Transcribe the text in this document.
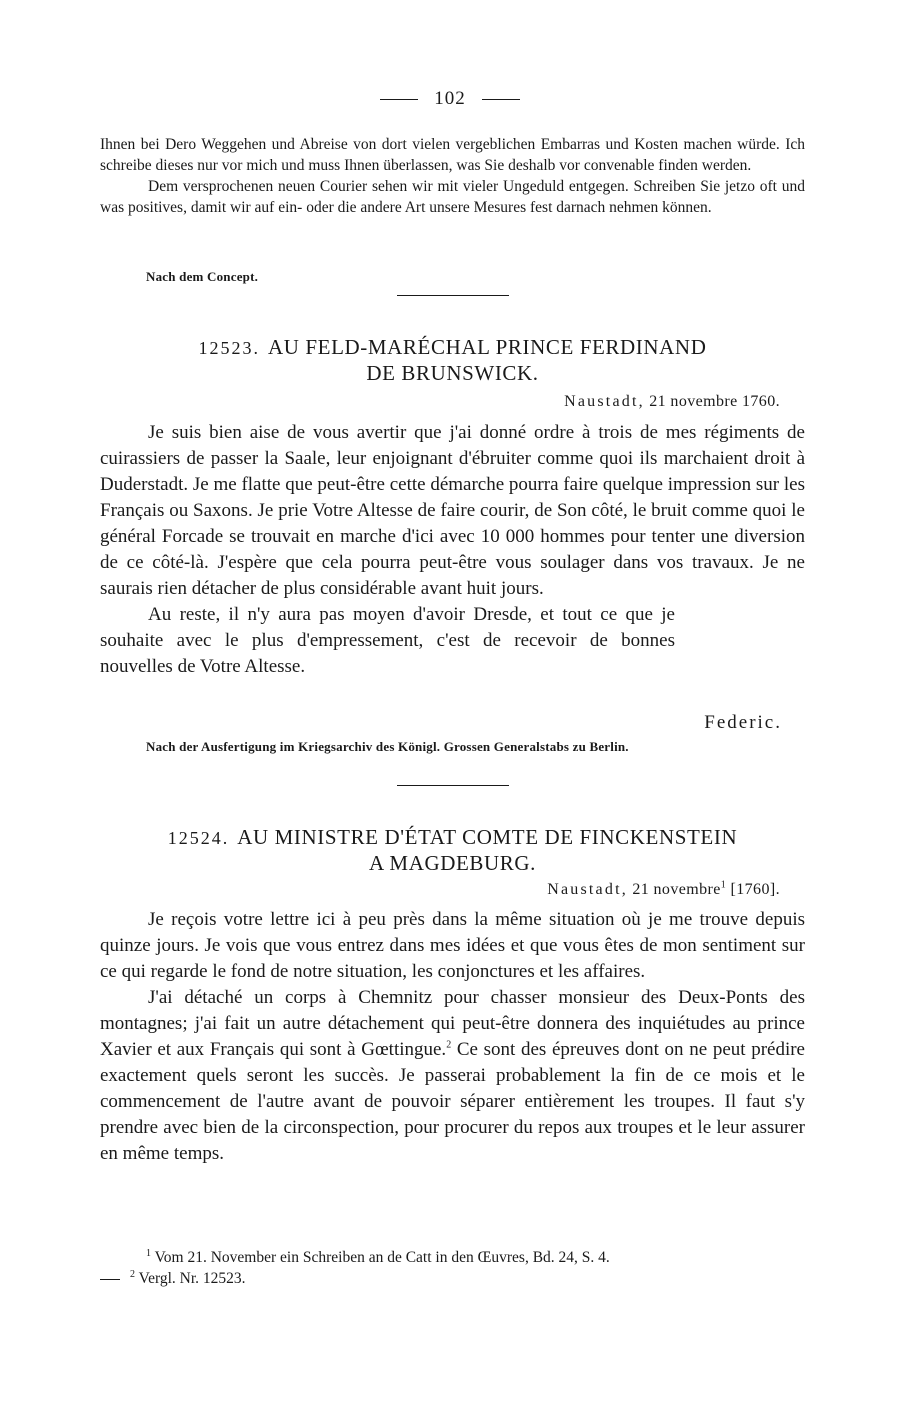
102

Ihnen bei Dero Weggehen und Abreise von dort vielen vergeblichen Embarras und Kosten machen würde. Ich schreibe dieses nur vor mich und muss Ihnen überlassen, was Sie deshalb vor convenable finden werden.

Dem versprochenen neuen Courier sehen wir mit vieler Ungeduld entgegen. Schreiben Sie jetzo oft und was positives, damit wir auf ein- oder die andere Art unsere Mesures fest darnach nehmen können.

Nach dem Concept.

12523. AU FELD-MARÉCHAL PRINCE FERDINAND
DE BRUNSWICK.
Naustadt, 21 novembre 1760.

Je suis bien aise de vous avertir que j'ai donné ordre à trois de mes régiments de cuirassiers de passer la Saale, leur enjoignant d'ébruiter comme quoi ils marchaient droit à Duderstadt. Je me flatte que peut-être cette démarche pourra faire quelque impression sur les Français ou Saxons. Je prie Votre Altesse de faire courir, de Son côté, le bruit comme quoi le général Forcade se trouvait en marche d'ici avec 10 000 hommes pour tenter une diversion de ce côté-là. J'espère que cela pourra peut-être vous soulager dans vos travaux. Je ne saurais rien détacher de plus considérable avant huit jours.

Au reste, il n'y aura pas moyen d'avoir Dresde, et tout ce que je souhaite avec le plus d'empressement, c'est de recevoir de bonnes nouvelles de Votre Altesse.

Federic.

Nach der Ausfertigung im Kriegsarchiv des Königl. Grossen Generalstabs zu Berlin.

12524. AU MINISTRE D'ÉTAT COMTE DE FINCKENSTEIN
A MAGDEBURG.
Naustadt, 21 novembre$^1$ [1760].

Je reçois votre lettre ici à peu près dans la même situation où je me trouve depuis quinze jours. Je vois que vous entrez dans mes idées et que vous êtes de mon sentiment sur ce qui regarde le fond de notre situation, les conjonctures et les affaires.

J'ai détaché un corps à Chemnitz pour chasser monsieur des Deux-Ponts des montagnes; j'ai fait un autre détachement qui peut-être donnera des inquiétudes au prince Xavier et aux Français qui sont à Gœttingue.$^2$ Ce sont des épreuves dont on ne peut prédire exactement quels seront les succès. Je passerai probablement la fin de ce mois et le commencement de l'autre avant de pouvoir séparer entièrement les troupes. Il faut s'y prendre avec bien de la circonspection, pour procurer du repos aux troupes et le leur assurer en même temps.

$^1$ Vom 21. November ein Schreiben an de Catt in den Œuvres, Bd. 24, S. 4.

$^2$ Vergl. Nr. 12523.
